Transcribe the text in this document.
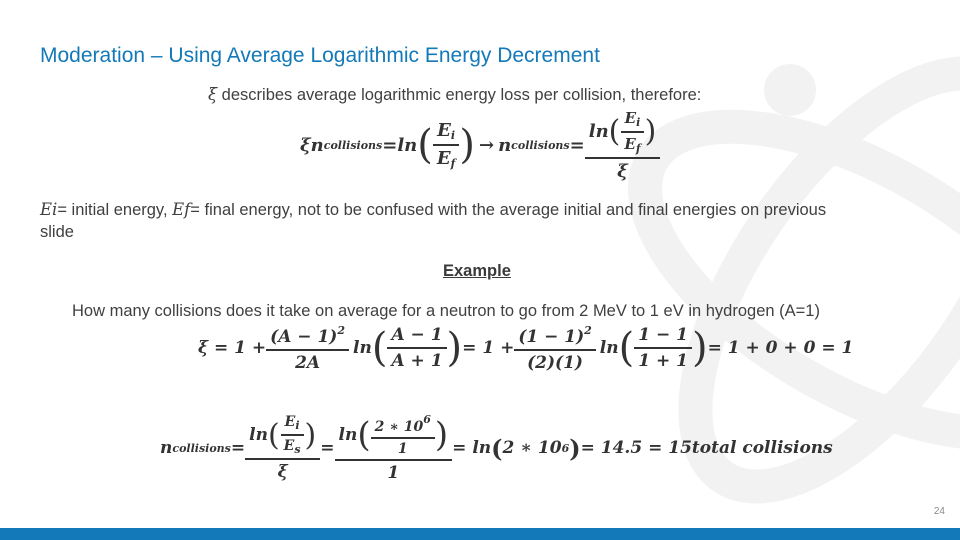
Moderation – Using Average Logarithmic Energy Decrement
ξ describes average logarithmic energy loss per collision, therefore:
ξ n collisions = ln ( $\frac{E_i}{E_f}$ ) → n collisions =
ln ( $\frac{E_i}{E_f}$ )
ξ
Ei= initial energy, Ef= final energy, not to be confused with the average initial and final energies on previous
slide
Example
How many collisions does it take on average for a neutron to go from 2 MeV to 1 eV in hydrogen (A=1)
$\xi = 1 + \frac{(A - 1)^2}{2A}$ ln ( $\frac{A - 1}{A + 1}$ ) = $1 + \frac{(1 - 1)^2}{(2)(1)}$ ln ( $\frac{1 - 1}{1 + 1}$ ) = 1 + 0 + 0 = 1
n collisions =
ln ( $\frac{E_i}{E_s}$ )
ξ
=
ln ( $\frac{2 ∗ 10^6}{1}$ )
1
= ln ( 2 ∗ 10 6 ) = 14.5 = 15 total collisions
24
